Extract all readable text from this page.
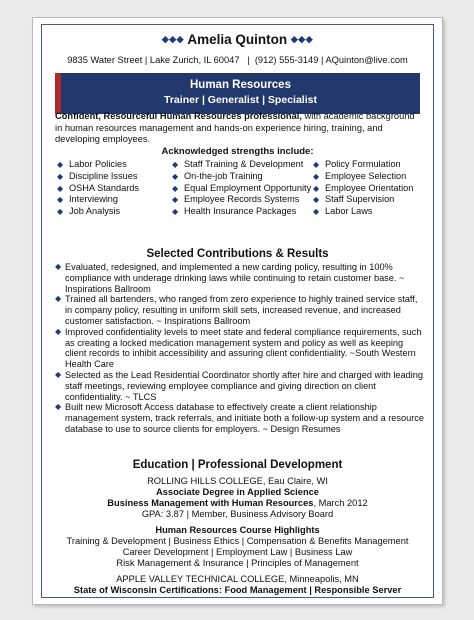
◆◆◆ Amelia Quinton ◆◆◆
9835 Water Street | Lake Zurich, IL 60047   |  (912) 555-3149 | AQuinton@live.com
Human Resources
Trainer | Generalist | Specialist
Confident, Resourceful Human Resources professional, with academic background in human resources management and hands-on experience hiring, training, and developing employees.
Acknowledged strengths include:
◆ Labor Policies
◆ Discipline Issues
◆ OSHA Standards
◆ Interviewing
◆ Job Analysis
◆ Staff Training & Development
◆ On-the-job Training
◆ Equal Employment Opportunity
◆ Employee Records Systems
◆ Health Insurance Packages
◆ Policy Formulation
◆ Employee Selection
◆ Employee Orientation
◆ Staff Supervision
◆ Labor Laws
Selected Contributions & Results
◆ Evaluated, redesigned, and implemented a new carding policy, resulting in 100% compliance with underage drinking laws while continuing to retain customer base. ~ Inspirations Ballroom
◆ Trained all bartenders, who ranged from zero experience to highly trained service staff, in company policy, resulting in uniform skill sets, increased revenue, and increased customer satisfaction. ~ Inspirations Ballroom
◆ Improved confidentiality levels to meet state and federal compliance requirements, such as creating a locked medication management system and policy as well as keeping client records to inhibit accessibility and assuring client confidentiality. ~South Western Health Care
◆ Selected as the Lead Residential Coordinator shortly after hire and charged with leading staff meetings, reviewing employee compliance and giving direction on client confidentiality. ~ TLCS
◆ Built new Microsoft Access database to effectively create a client relationship management system, track referrals, and initiate both a follow-up system and a resource database to use to source clients for employers. ~ Design Resumes
Education | Professional Development
ROLLING HILLS COLLEGE, Eau Claire, WI
Associate Degree in Applied Science
Business Management with Human Resources, March 2012
GPA: 3.87 | Member, Business Advisory Board
Human Resources Course Highlights
Training & Development | Business Ethics | Compensation & Benefits Management
Career Development | Employment Law | Business Law
Risk Management & Insurance | Principles of Management
APPLE VALLEY TECHNICAL COLLEGE, Minneapolis, MN
State of Wisconsin Certifications: Food Management | Responsible Server
